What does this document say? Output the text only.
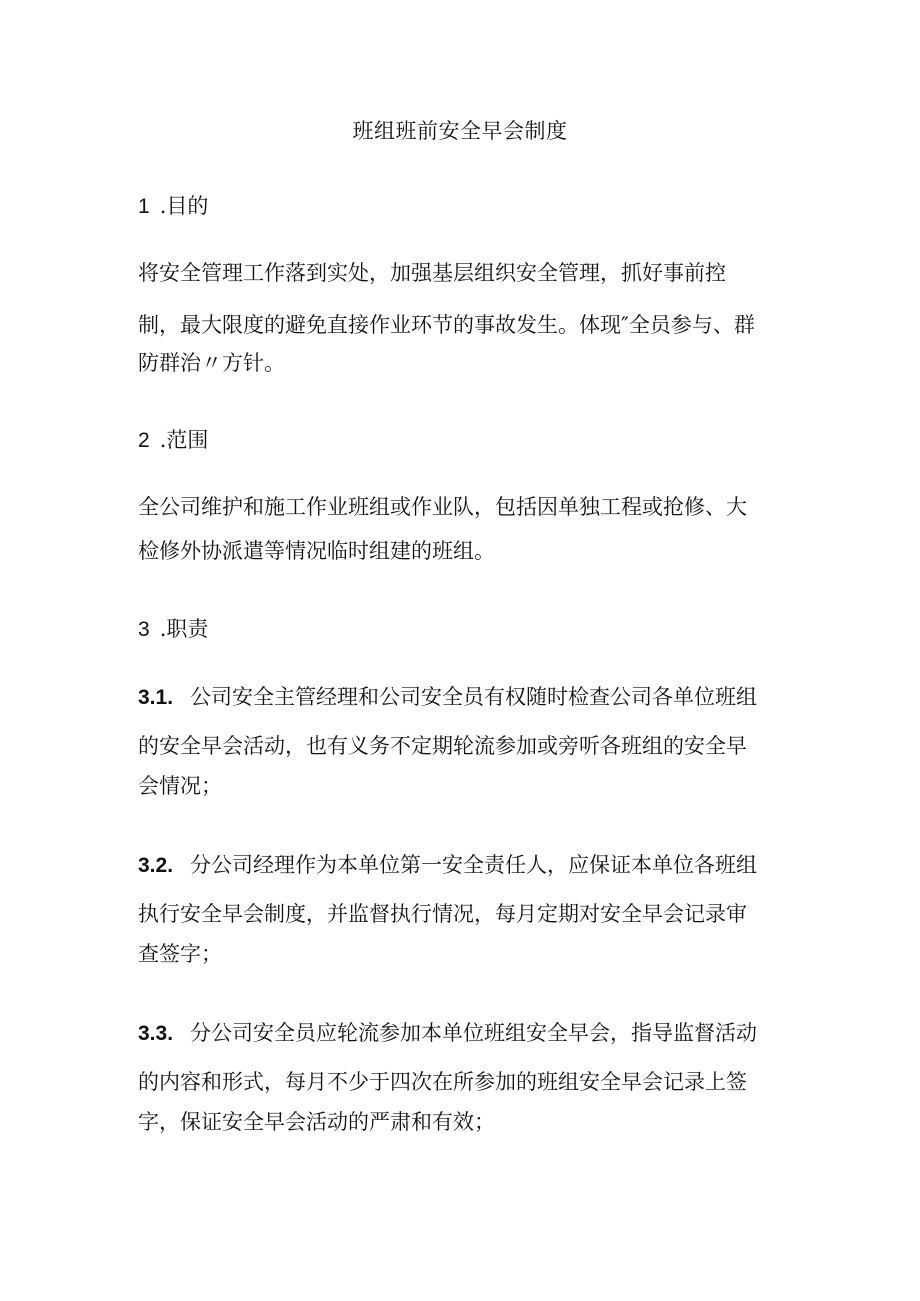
班组班前安全早会制度
1 .目的
将安全管理工作落到实处，加强基层组织安全管理，抓好事前控
制，最大限度的避免直接作业环节的事故发生。体现″全员参与、群
防群治〃方针。
2 .范围
全公司维护和施工作业班组或作业队，包括因单独工程或抢修、大
检修外协派遣等情况临时组建的班组。
3 .职责
3.1. 公司安全主管经理和公司安全员有权随时检查公司各单位班组
的安全早会活动，也有义务不定期轮流参加或旁听各班组的安全早
会情况；
3.2. 分公司经理作为本单位第一安全责任人，应保证本单位各班组
执行安全早会制度，并监督执行情况，每月定期对安全早会记录审
查签字；
3.3. 分公司安全员应轮流参加本单位班组安全早会，指导监督活动
的内容和形式，每月不少于四次在所参加的班组安全早会记录上签
字，保证安全早会活动的严肃和有效；
